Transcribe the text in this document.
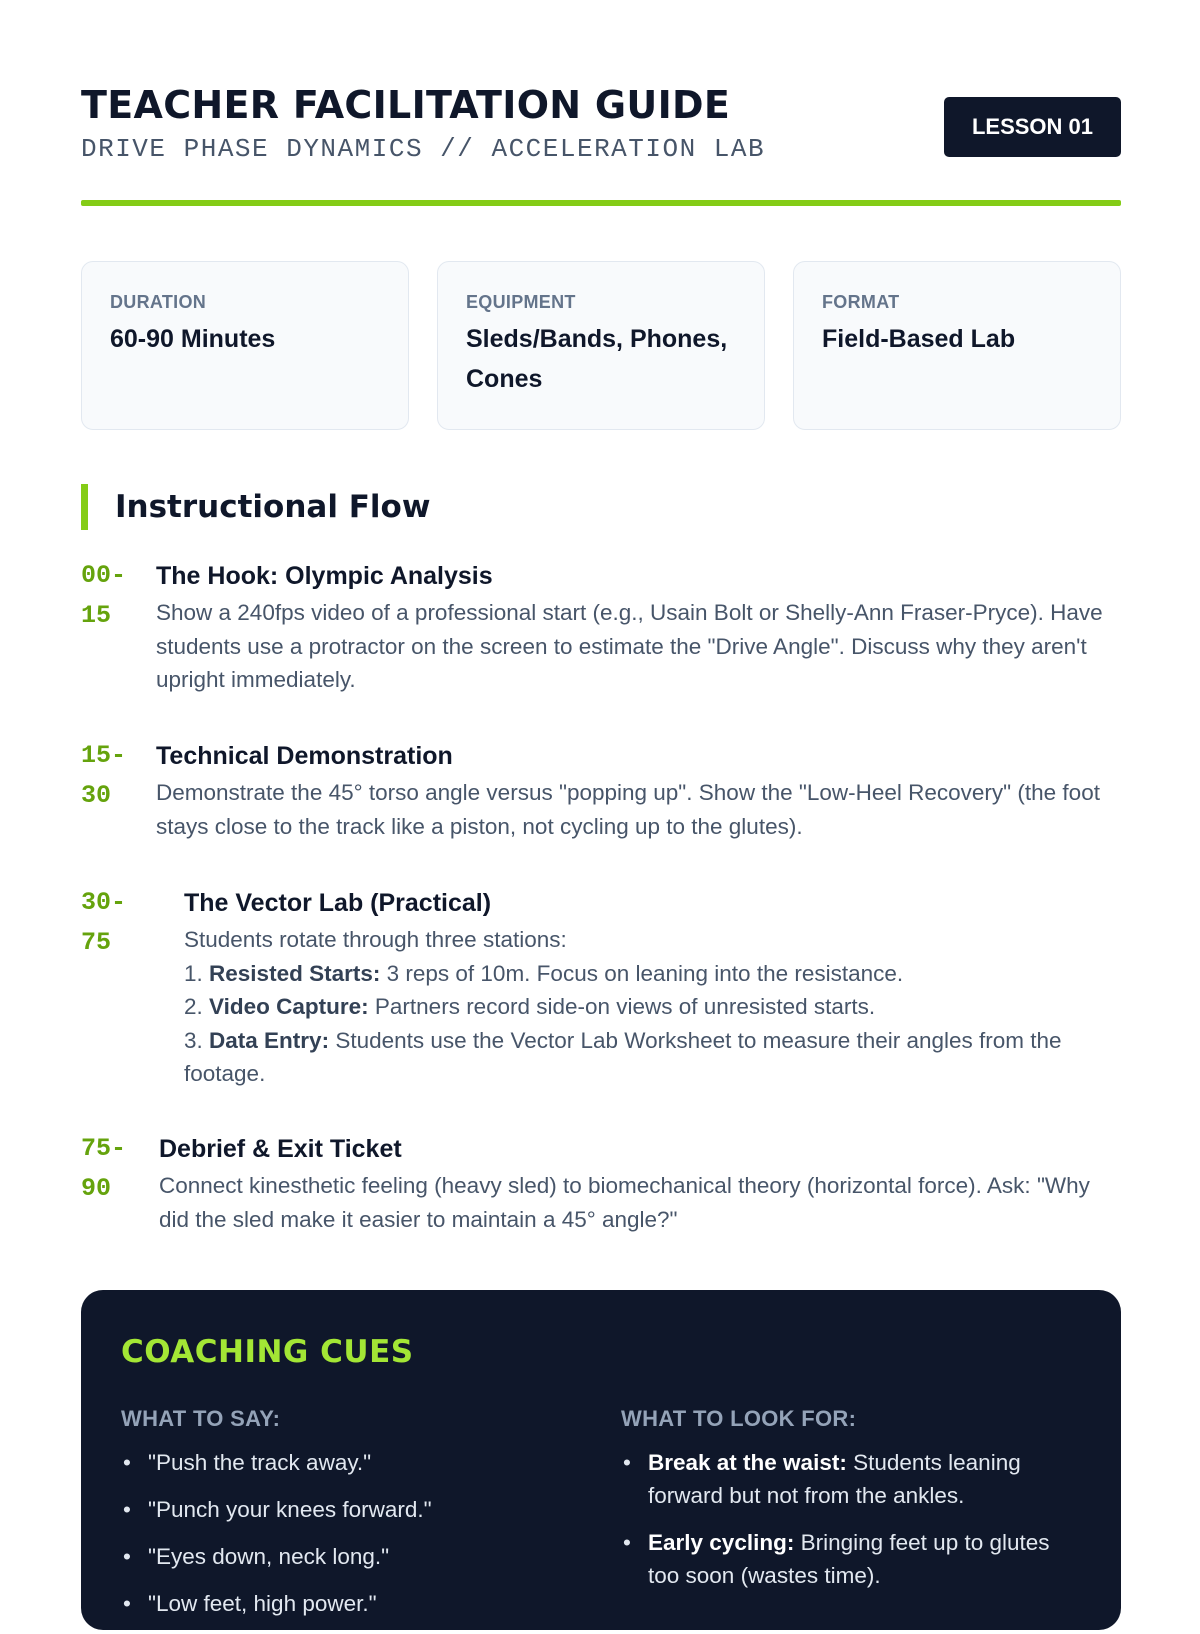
TEACHER FACILITATION GUIDE
DRIVE PHASE DYNAMICS // ACCELERATION LAB
LESSON 01
DURATION
60-90 Minutes
EQUIPMENT
Sleds/Bands, Phones, Cones
FORMAT
Field-Based Lab
Instructional Flow
00-
15
The Hook: Olympic Analysis
Show a 240fps video of a professional start (e.g., Usain Bolt or Shelly-Ann Fraser-Pryce). Have students use a protractor on the screen to estimate the "Drive Angle". Discuss why they aren't upright immediately.
15-
30
Technical Demonstration
Demonstrate the 45° torso angle versus "popping up". Show the "Low-Heel Recovery" (the foot stays close to the track like a piston, not cycling up to the glutes).
30-
75
The Vector Lab (Practical)
Students rotate through three stations:
1. Resisted Starts: 3 reps of 10m. Focus on leaning into the resistance.
2. Video Capture: Partners record side-on views of unresisted starts.
3. Data Entry: Students use the Vector Lab Worksheet to measure their angles from the footage.
75-
90
Debrief & Exit Ticket
Connect kinesthetic feeling (heavy sled) to biomechanical theory (horizontal force). Ask: "Why did the sled make it easier to maintain a 45° angle?"
COACHING CUES
WHAT TO SAY:
• "Push the track away."
• "Punch your knees forward."
• "Eyes down, neck long."
• "Low feet, high power."
WHAT TO LOOK FOR:
• Break at the waist: Students leaning forward but not from the ankles.
• Early cycling: Bringing feet up to glutes too soon (wastes time).
